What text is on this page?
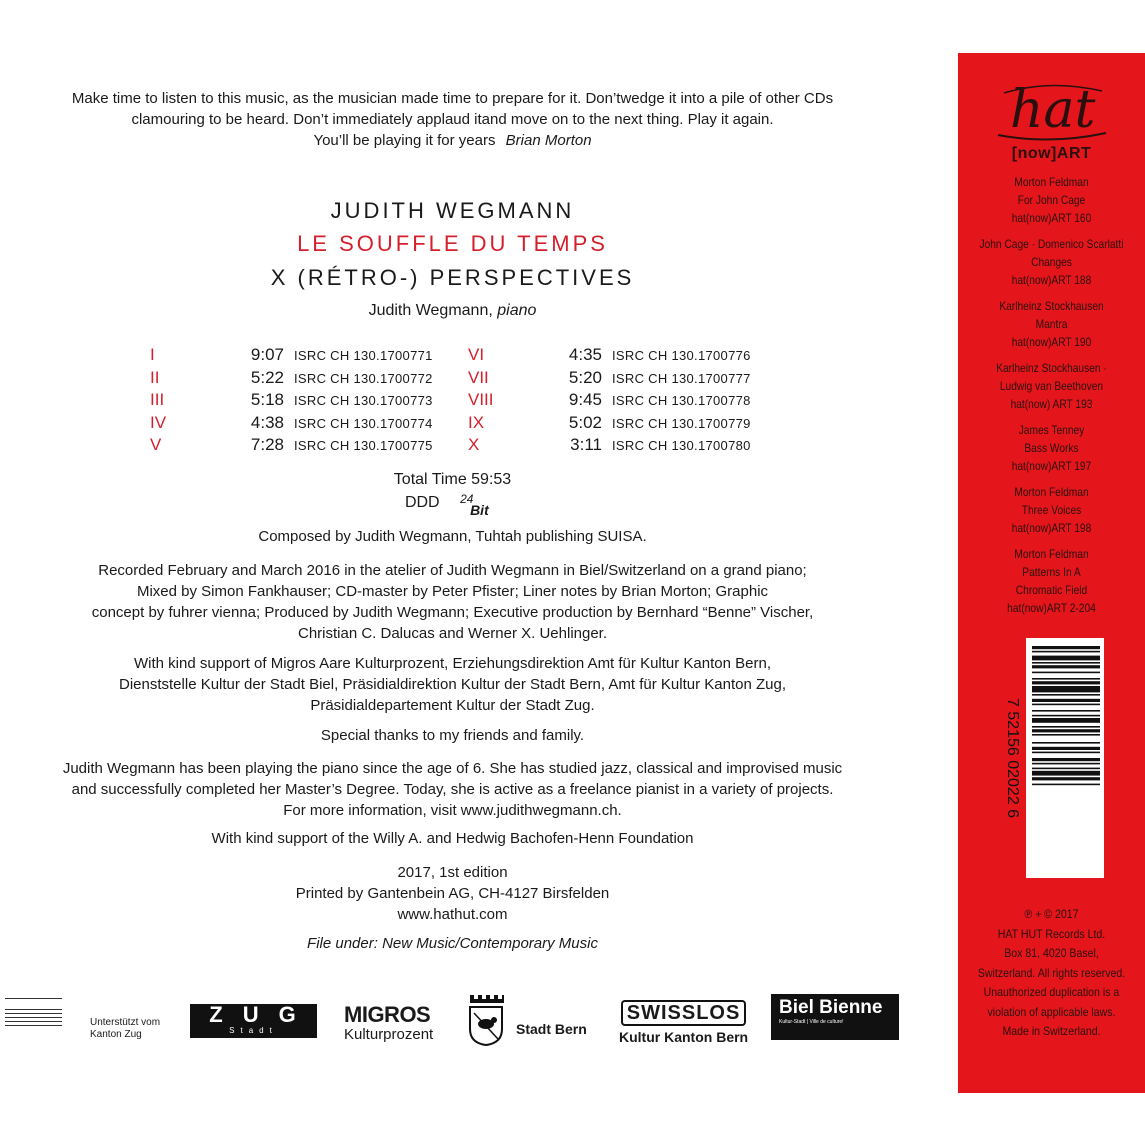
Make time to listen to this music, as the musician made time to prepare for it. Don’twedge it into a pile of other CDs
clamouring to be heard. Don’t immediately applaud itand move on to the next thing. Play it again.
You’ll be playing it for years Brian Morton
JUDITH WEGMANN
LE SOUFFLE DU TEMPS
X (RÉTRO-) PERSPECTIVES
Judith Wegmann, piano
I	9:07 ISRC CH 130.1700771
II	5:22 ISRC CH 130.1700772
III	5:18 ISRC CH 130.1700773
IV	4:38 ISRC CH 130.1700774
V	7:28 ISRC CH 130.1700775
VI	4:35 ISRC CH 130.1700776
VII	5:20 ISRC CH 130.1700777
VIII	9:45 ISRC CH 130.1700778
IX	5:02 ISRC CH 130.1700779
X	3:11 ISRC CH 130.1700780
Total Time 59:53
DDD 24
Bit
Composed by Judith Wegmann, Tuhtah publishing SUISA.
Recorded February and March 2016 in the atelier of Judith Wegmann in Biel/Switzerland on a grand piano;
Mixed by Simon Fankhauser; CD-master by Peter Pfister; Liner notes by Brian Morton; Graphic
concept by fuhrer vienna; Produced by Judith Wegmann; Executive production by Bernhard “Benne” Vischer,
Christian C. Dalucas and Werner X. Uehlinger.
With kind support of Migros Aare Kulturprozent, Erziehungsdirektion Amt für Kultur Kanton Bern,
Dienststelle Kultur der Stadt Biel, Präsidialdirektion Kultur der Stadt Bern, Amt für Kultur Kanton Zug,
Präsidialdepartement Kultur der Stadt Zug.
Special thanks to my friends and family.
Judith Wegmann has been playing the piano since the age of 6. She has studied jazz, classical and improvised music
and successfully completed her Master’s Degree. Today, she is active as a freelance pianist in a variety of projects.
For more information, visit www.judithwegmann.ch.
With kind support of the Willy A. and Hedwig Bachofen-Henn Foundation
2017, 1st edition
Printed by Gantenbein AG, CH-4127 Birsfelden
www.hathut.com
File under: New Music/Contemporary Music
Unterstützt vom
Kanton Zug
ZUG
Stadt
MIGROS
Kulturprozent	Stadt Bern
SWISSLOS
Kultur Kanton Bern
Biel Bienne
Kultur-Stadt | Ville de culture!
hat
[now]ART
Morton Feldman
For John Cage
hat(now)ART 160
John Cage · Domenico Scarlatti
Changes
hat(now)ART 188
Karlheinz Stockhausen
Mantra
hat(now)ART 190
Karlheinz Stockhausen ·
Ludwig van Beethoven
hat(now) ART 193
James Tenney
Bass Works
hat(now)ART 197
Morton Feldman
Three Voices
hat(now)ART 198
Morton Feldman
Patterns In A
Chromatic Field
hat(now)ART 2-204
7 52156 02022 6
℗ + © 2017
HAT HUT Records Ltd.
Box 81, 4020 Basel,
Switzerland. All rights reserved.
Unauthorized duplication is a
violation of applicable laws.
Made in Switzerland.
